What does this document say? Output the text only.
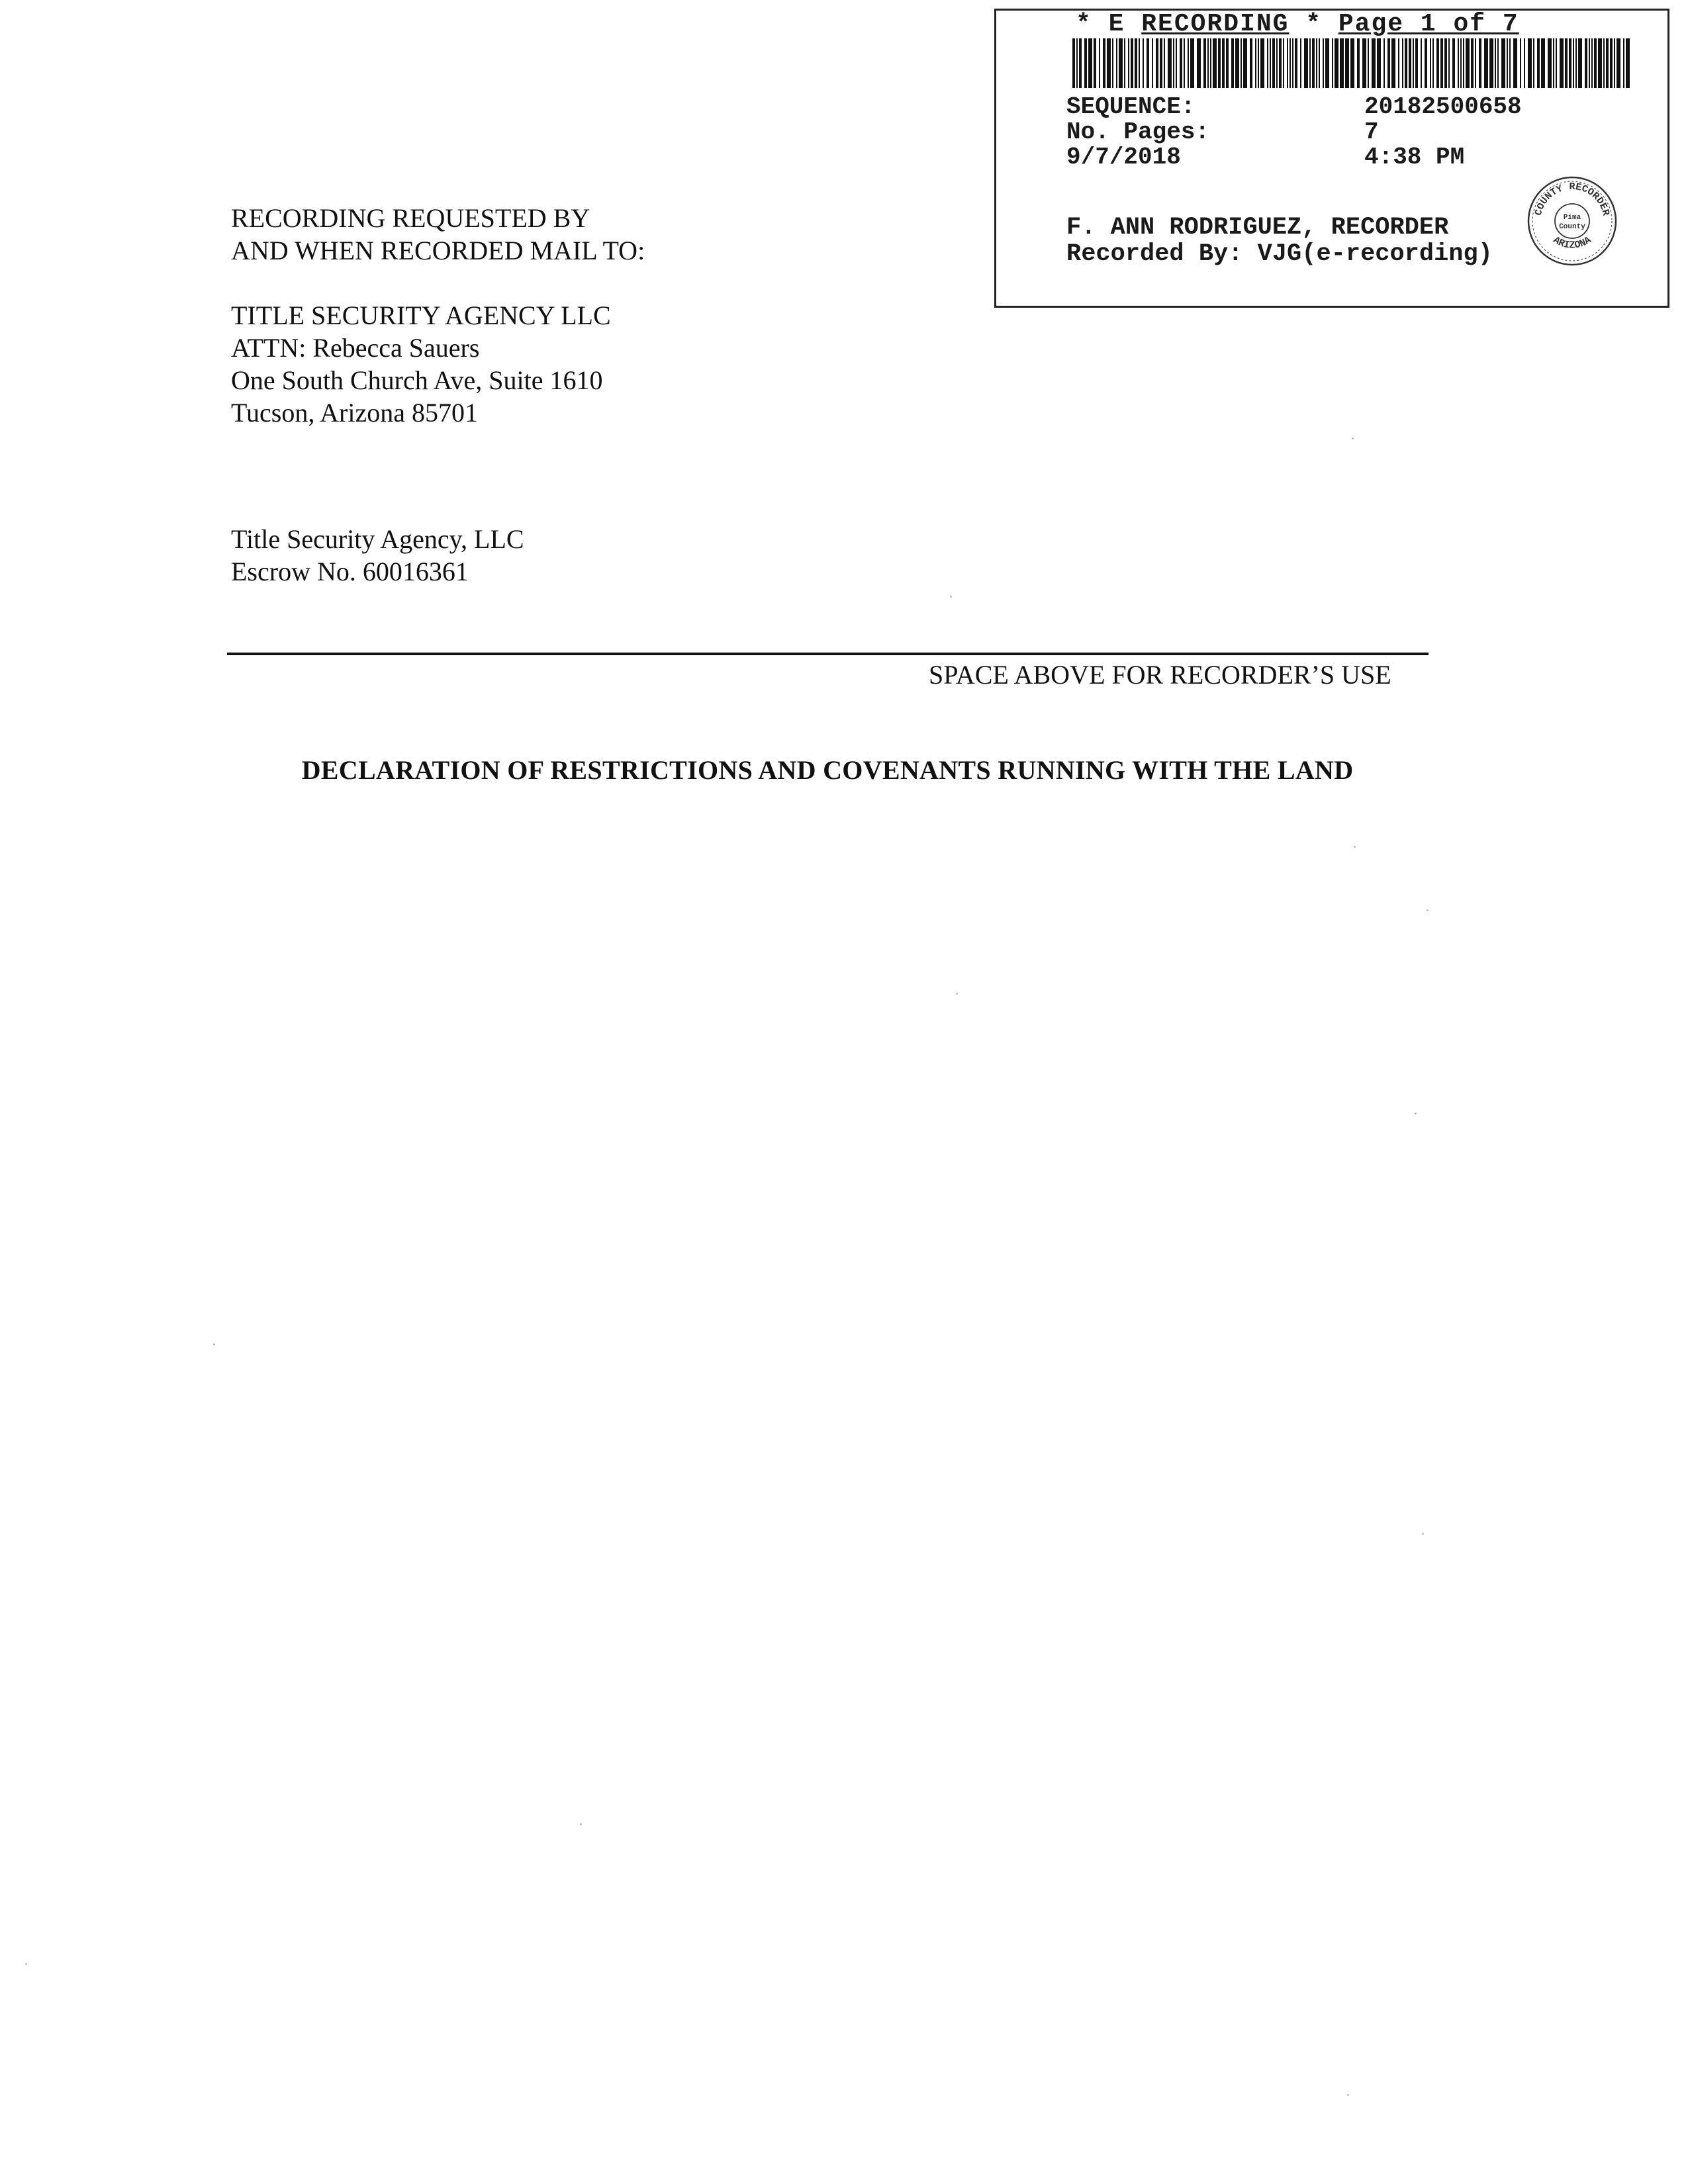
* E RECORDING * Page 1 of 7
SEQUENCE:	20182500658
No. Pages:	7
9/7/2018	4:38 PM
F. ANN RODRIGUEZ, RECORDER
Recorded By: VJG(e-recording)
COUNTY RECORDER
ARIZONA
Pima
County
RECORDING REQUESTED BY
AND WHEN RECORDED MAIL TO:
TITLE SECURITY AGENCY LLC
ATTN: Rebecca Sauers
One South Church Ave, Suite 1610
Tucson, Arizona 85701
Title Security Agency, LLC
Escrow No. 60016361
SPACE ABOVE FOR RECORDER’S USE
DECLARATION OF RESTRICTIONS AND COVENANTS RUNNING WITH THE LAND
